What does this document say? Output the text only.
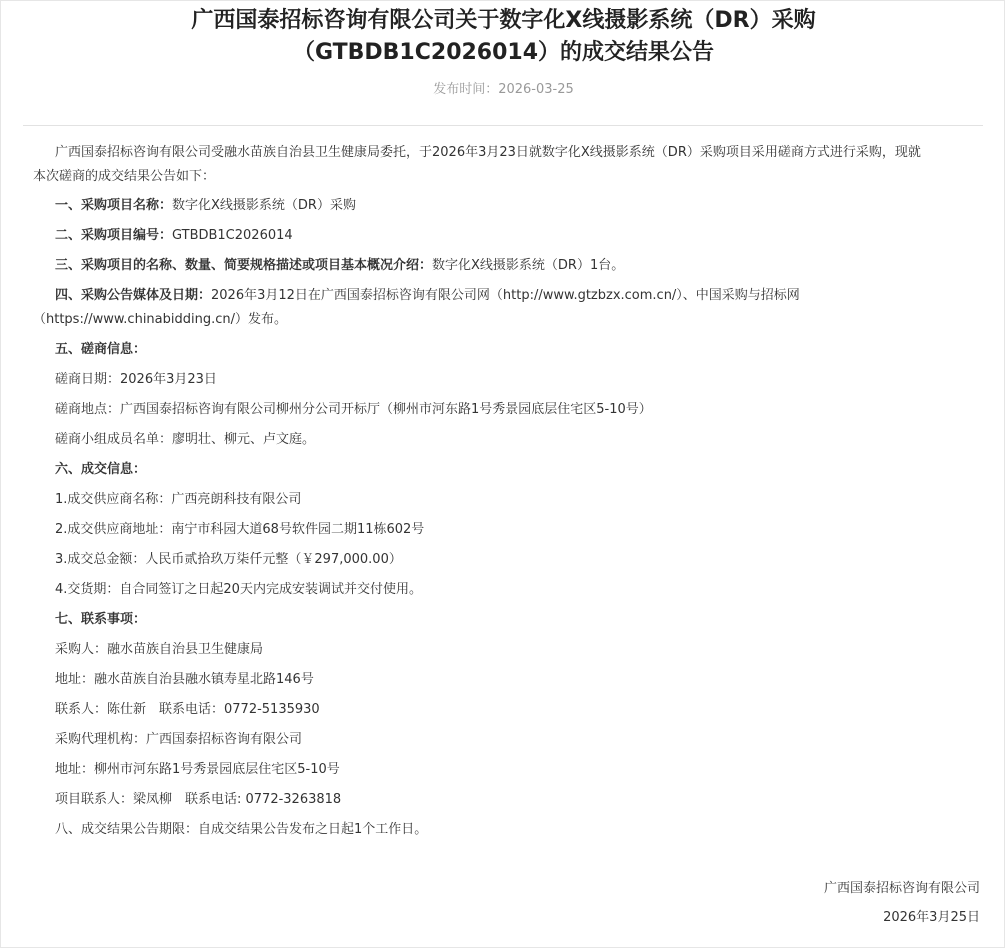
广西国泰招标咨询有限公司关于数字化X线摄影系统（DR）采购
（GTBDB1C2026014）的成交结果公告
发布时间：2026-03-25
广西国泰招标咨询有限公司受融水苗族自治县卫生健康局委托，于2026年3月23日就数字化X线摄影系统（DR）采购项目采用磋商方式进行采购，现就
本次磋商的成交结果公告如下：
一、采购项目名称：数字化X线摄影系统（DR）采购
二、采购项目编号：GTBDB1C2026014
三、采购项目的名称、数量、简要规格描述或项目基本概况介绍：数字化X线摄影系统（DR）1台。
四、采购公告媒体及日期：2026年3月12日在广西国泰招标咨询有限公司网（http://www.gtzbzx.com.cn/）、中国采购与招标网
（https://www.chinabidding.cn/）发布。
五、磋商信息：
磋商日期：2026年3月23日
磋商地点：广西国泰招标咨询有限公司柳州分公司开标厅（柳州市河东路1号秀景园底层住宅区5-10号）
磋商小组成员名单：廖明壮、柳元、卢文庭。
六、成交信息：
1.成交供应商名称：广西亮朗科技有限公司
2.成交供应商地址：南宁市科园大道68号软件园二期11栋602号
3.成交总金额：人民币贰拾玖万柒仟元整（￥297,000.00）
4.交货期：自合同签订之日起20天内完成安装调试并交付使用。
七、联系事项：
采购人：融水苗族自治县卫生健康局
地址：融水苗族自治县融水镇寿星北路146号
联系人：陈仕新　联系电话：0772-5135930
采购代理机构：广西国泰招标咨询有限公司
地址：柳州市河东路1号秀景园底层住宅区5-10号
项目联系人：梁凤柳　联系电话: 0772-3263818
八、成交结果公告期限：自成交结果公告发布之日起1个工作日。
广西国泰招标咨询有限公司
2026年3月25日
